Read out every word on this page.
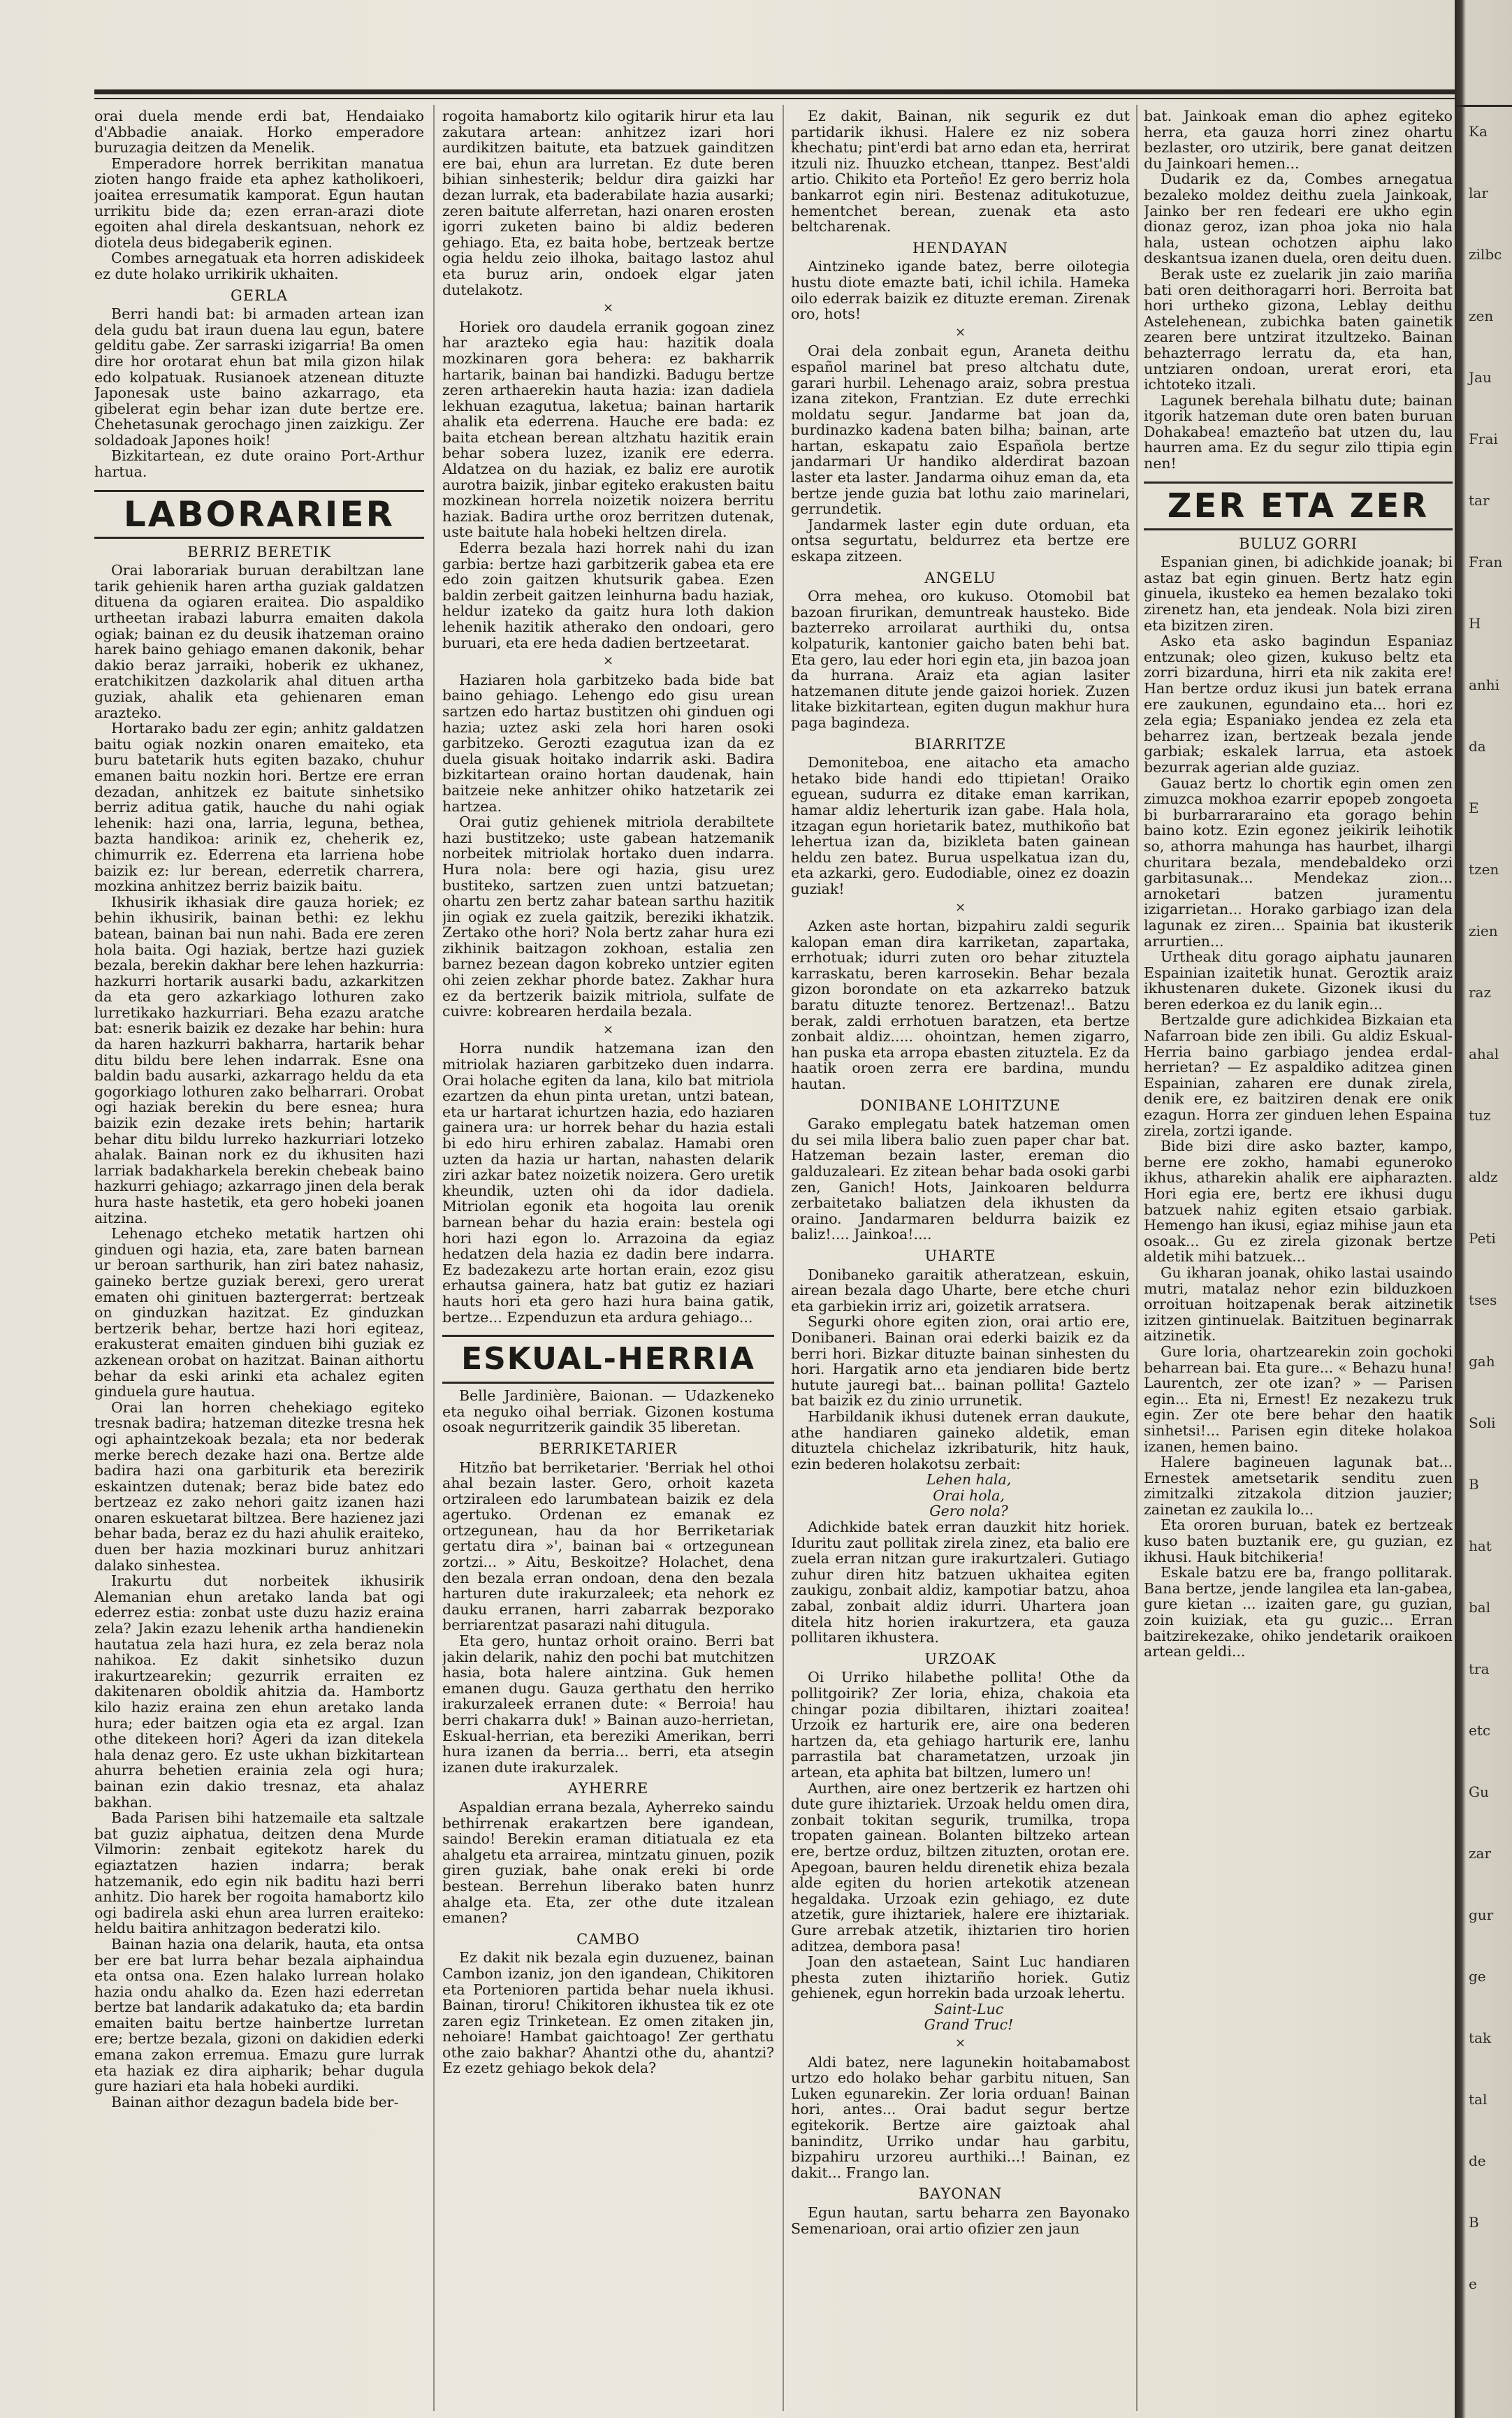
orai duela mende erdi bat, Hendaiako d'Abbadie anaiak. Horko emperadore buruzagia deitzen da Menelik.

Emperadore horrek berrikitan manatua zioten hango fraide eta aphez katholikoeri, joaitea erresumatik kamporat. Egun hautan urrikitu bide da; ezen erran-arazi diote egoiten ahal direla deskantsuan, nehork ez diotela deus bidegaberik eginen.

Combes arnegatuak eta horren adiskideek ez dute holako urrikirik ukhaiten.

GERLA

Berri handi bat: bi armaden artean izan dela gudu bat iraun duena lau egun, batere gelditu gabe. Zer sarraski izigarria! Ba omen dire hor orotarat ehun bat mila gizon hilak edo kolpatuak. Rusianoek atzenean dituzte Japonesak uste baino azkarrago, eta gibelerat egin behar izan dute bertze ere. Chehetasunak gerochago jinen zaizkigu. Zer soldadoak Japones hoik!

Bizkitartean, ez dute oraino Port-Arthur hartua.

LABORARIER
BERRIZ BERETIK

Orai laborariak buruan derabiltzan lane tarik gehienik haren artha guziak galdatzen dituena da ogiaren eraitea. Dio aspaldiko urtheetan irabazi laburra emaiten dakola ogiak; bainan ez du deusik ihatzeman oraino harek baino gehiago emanen dakonik, behar dakio beraz jarraiki, hoberik ez ukhanez, eratchikitzen dazkolarik ahal dituen artha guziak, ahalik eta gehienaren eman arazteko.

Hortarako badu zer egin; anhitz galdatzen baitu ogiak nozkin onaren emaiteko, eta buru batetarik huts egiten bazako, chuhur emanen baitu nozkin hori. Bertze ere erran dezadan, anhitzek ez baitute sinhetsiko berriz aditua gatik, hauche du nahi ogiak lehenik: hazi ona, larria, leguna, bethea, bazta handikoa: arinik ez, cheherik ez, chimurrik ez. Ederrena eta larriena hobe baizik ez: lur berean, ederretik charrera, mozkina anhitzez berriz baizik baitu.

Ikhusirik ikhasiak dire gauza horiek; ez behin ikhusirik, bainan bethi: ez lekhu batean, bainan bai nun nahi. Bada ere zeren hola baita. Ogi haziak, bertze hazi guziek bezala, berekin dakhar bere lehen hazkurria: hazkurri hortarik ausarki badu, azkarkitzen da eta gero azkarkiago lothuren zako lurretikako hazkurriari. Beha ezazu aratche bat: esnerik baizik ez dezake har behin: hura da haren hazkurri bakharra, hartarik behar ditu bildu bere lehen indarrak. Esne ona baldin badu ausarki, azkarrago heldu da eta gogorkiago lothuren zako belharrari. Orobat ogi haziak berekin du bere esnea; hura baizik ezin dezake irets behin; hartarik behar ditu bildu lurreko hazkurriari lotzeko ahalak. Bainan nork ez du ikhusiten hazi larriak badakharkela berekin chebeak baino hazkurri gehiago; azkarrago jinen dela berak hura haste hastetik, eta gero hobeki joanen aitzina.

Lehenago etcheko metatik hartzen ohi ginduen ogi hazia, eta, zare baten barnean ur beroan sarthurik, han ziri batez nahasiz, gaineko bertze guziak berexi, gero urerat ematen ohi ginituen baztergerrat: bertzeak on ginduzkan hazitzat. Ez ginduzkan bertzerik behar, bertze hazi hori egiteaz, erakusterat emaiten ginduen bihi guziak ez azkenean orobat on hazitzat. Bainan aithortu behar da eski arinki eta achalez egiten ginduela gure hautua.

Orai lan horren chehekiago egiteko tresnak badira; hatzeman ditezke tresna hek ogi aphaintzekoak bezala; eta nor bederak merke berech dezake hazi ona. Bertze alde badira hazi ona garbiturik eta berezirik eskaintzen dutenak; beraz bide batez edo bertzeaz ez zako nehori gaitz izanen hazi onaren eskuetarat biltzea. Bere hazienez jazi behar bada, beraz ez du hazi ahulik eraiteko, duen ber hazia mozkinari buruz anhitzari dalako sinhestea.

Irakurtu dut norbeitek ikhusirik Alemanian ehun aretako landa bat ogi ederrez estia: zonbat uste duzu haziz eraina zela? Jakin ezazu lehenik artha handienekin hautatua zela hazi hura, ez zela beraz nola nahikoa. Ez dakit sinhetsiko duzun irakurtzearekin; gezurrik erraiten ez dakitenaren oboldik ahitzia da. Hambortz kilo haziz eraina zen ehun aretako landa hura; eder baitzen ogia eta ez argal. Izan othe ditekeen hori? Ageri da izan ditekela hala denaz gero. Ez uste ukhan bizkitartean ahurra behetien erainia zela ogi hura; bainan ezin dakio tresnaz, eta ahalaz bakhan.

Bada Parisen bihi hatzemaile eta saltzale bat guziz aiphatua, deitzen dena Murde Vilmorin: zenbait egitekotz harek du egiaztatzen hazien indarra; berak hatzemanik, edo egin nik baditu hazi berri anhitz. Dio harek ber rogoita hamabortz kilo ogi badirela aski ehun area lurren eraiteko: heldu baitira anhitzagon bederatzi kilo.

Bainan hazia ona delarik, hauta, eta ontsa ber ere bat lurra behar bezala aiphaindua eta ontsa ona. Ezen halako lurrean holako hazia ondu ahalko da. Ezen hazi ederretan bertze bat landarik adakatuko da; eta bardin emaiten baitu bertze hainbertze lurretan ere; bertze bezala, gizoni on dakidien ederki emana zakon erremua. Emazu gure lurrak eta haziak ez dira aipharik; behar dugula gure haziari eta hala hobeki aurdiki.

Bainan aithor dezagun badela bide ber-

rogoita hamabortz kilo ogitarik hirur eta lau zakutara artean: anhitzez izari hori aurdikitzen baitute, eta batzuek gainditzen ere bai, ehun ara lurretan. Ez dute beren bihian sinhesterik; beldur dira gaizki har dezan lurrak, eta baderabilate hazia ausarki; zeren baitute alferretan, hazi onaren erosten igorri zuketen baino bi aldiz bederen gehiago. Eta, ez baita hobe, bertzeak bertze ogia heldu zeio ilhoka, baitago lastoz ahul eta buruz arin, ondoek elgar jaten dutelakotz.

×

Horiek oro daudela erranik gogoan zinez har arazteko egia hau: hazitik doala mozkinaren gora behera: ez bakharrik hartarik, bainan bai handizki. Badugu bertze zeren arthaerekin hauta hazia: izan dadiela lekhuan ezagutua, laketua; bainan hartarik ahalik eta ederrena. Hauche ere bada: ez baita etchean berean altzhatu hazitik erain behar sobera luzez, izanik ere ederra. Aldatzea on du haziak, ez baliz ere aurotik aurotra baizik, jinbar egiteko erakusten baitu mozkinean horrela noizetik noizera berritu haziak. Badira urthe oroz berritzen dutenak, uste baitute hala hobeki heltzen direla.

Ederra bezala hazi horrek nahi du izan garbia: bertze hazi garbitzerik gabea eta ere edo zoin gaitzen khutsurik gabea. Ezen baldin zerbeit gaitzen leinhurna badu haziak, heldur izateko da gaitz hura loth dakion lehenik hazitik atherako den ondoari, gero buruari, eta ere heda dadien bertzeetarat.

×

Haziaren hola garbitzeko bada bide bat baino gehiago. Lehengo edo gisu urean sartzen edo hartaz bustitzen ohi ginduen ogi hazia; uztez aski zela hori haren osoki garbitzeko. Gerozti ezagutua izan da ez duela gisuak hoitako indarrik aski. Badira bizkitartean oraino hortan daudenak, hain baitzeie neke anhitzer ohiko hatzetarik zei hartzea.

Orai gutiz gehienek mitriola derabiltete hazi bustitzeko; uste gabean hatzemanik norbeitek mitriolak hortako duen indarra. Hura nola: bere ogi hazia, gisu urez bustiteko, sartzen zuen untzi batzuetan; ohartu zen bertz zahar batean sarthu hazitik jin ogiak ez zuela gaitzik, bereziki ikhatzik. Zertako othe hori? Nola bertz zahar hura ezi zikhinik baitzagon zokhoan, estalia zen barnez bezean dagon kobreko untzier egiten ohi zeien zekhar phorde batez. Zakhar hura ez da bertzerik baizik mitriola, sulfate de cuivre: kobrearen herdaila bezala.

×

Horra nundik hatzemana izan den mitriolak haziaren garbitzeko duen indarra. Orai holache egiten da lana, kilo bat mitriola ezartzen da ehun pinta uretan, untzi batean, eta ur hartarat ichurtzen hazia, edo haziaren gainera ura: ur horrek behar du hazia estali bi edo hiru erhiren zabalaz. Hamabi oren uzten da hazia ur hartan, nahasten delarik ziri azkar batez noizetik noizera. Gero uretik kheundik, uzten ohi da idor dadiela. Mitriolan egonik eta hogoita lau orenik barnean behar du hazia erain: bestela ogi hori hazi egon lo. Arrazoina da egiaz hedatzen dela hazia ez dadin bere indarra. Ez badezakezu arte hortan erain, ezoz gisu erhautsa gainera, hatz bat gutiz ez haziari hauts hori eta gero hazi hura baina gatik, bertze... Ezpenduzun eta ardura gehiago...

ESKUAL-HERRIA

Belle Jardinière, Baionan. — Udazkeneko eta neguko oihal berriak. Gizonen kostuma osoak negurritzerik gaindik 35 liberetan.

BERRIKETARIER

Hitzño bat berriketarier. 'Berriak hel othoi ahal bezain laster. Gero, orhoit kazeta ortziraleen edo larumbatean baizik ez dela agertuko. Ordenan ez emanak ez ortzegunean, hau da hor Berriketariak gertatu dira »', bainan bai « ortzegunean zortzi... » Aitu, Beskoitze? Holachet, dena den bezala erran ondoan, dena den bezala harturen dute irakurzaleek; eta nehork ez dauku erranen, harri zabarrak bezporako berriarentzat pasarazi nahi ditugula.

Eta gero, huntaz orhoit oraino. Berri bat jakin delarik, nahiz den pochi bat mutchitzen hasia, bota halere aintzina. Guk hemen emanen dugu. Gauza gerthatu den herriko irakurzaleek erranen dute: « Berroia! hau berri chakarra duk! » Bainan auzo-herrietan, Eskual-herrian, eta bereziki Amerikan, berri hura izanen da berria... berri, eta atsegin izanen dute irakurzalek.

AYHERRE

Aspaldian errana bezala, Ayherreko saindu bethirrenak erakartzen bere igandean, saindo! Berekin eraman ditiatuala ez eta ahalgetu eta arrairea, mintzatu ginuen, pozik giren guziak, bahe onak ereki bi orde bestean. Berrehun liberako baten hunrz ahalge eta. Eta, zer othe dute itzalean emanen?

CAMBO

Ez dakit nik bezala egin duzuenez, bainan Cambon izaniz, jon den igandean, Chikitoren eta Portenioren partida behar nuela ikhusi. Bainan, tiroru! Chikitoren ikhustea tik ez ote zaren egiz Trinketean. Ez omen zitaken jin, nehoiare! Hambat gaichtoago! Zer gerthatu othe zaio bakhar? Ahantzi othe du, ahantzi? Ez ezetz gehiago bekok dela?

Ez dakit, Bainan, nik segurik ez dut partidarik ikhusi. Halere ez niz sobera khechatu; pint'erdi bat arno edan eta, herrirat itzuli niz. Ihuuzko etchean, ttanpez. Best'aldi artio. Chikito eta Porteño! Ez gero berriz hola bankarrot egin niri. Bestenaz aditukotuzue, hementchet berean, zuenak eta asto beltcharenak.

HENDAYAN

Aintzineko igande batez, berre oilotegia hustu diote emazte bati, ichil ichila. Hameka oilo ederrak baizik ez dituzte ereman. Zirenak oro, hots!

×

Orai dela zonbait egun, Araneta deithu español marinel bat preso altchatu dute, garari hurbil. Lehenago araiz, sobra prestua izana zitekon, Frantzian. Ez dute errechki moldatu segur. Jandarme bat joan da, burdinazko kadena baten bilha; bainan, arte hartan, eskapatu zaio Española bertze jandarmari Ur handiko alderdirat bazoan laster eta laster. Jandarma oihuz eman da, eta bertze jende guzia bat lothu zaio marinelari, gerrundetik.

Jandarmek laster egin dute orduan, eta ontsa segurtatu, beldurrez eta bertze ere eskapa zitzeen.

ANGELU

Orra mehea, oro kukuso. Otomobil bat bazoan firurikan, demuntreak hausteko. Bide bazterreko arroilarat aurthiki du, ontsa kolpaturik, kantonier gaicho baten behi bat. Eta gero, lau eder hori egin eta, jin bazoa joan da hurrana. Araiz eta agian lasiter hatzemanen ditute jende gaizoi horiek. Zuzen litake bizkitartean, egiten dugun makhur hura paga bagindeza.

BIARRITZE

Demoniteboa, ene aitacho eta amacho hetako bide handi edo ttipietan! Oraiko eguean, sudurra ez ditake eman karrikan, hamar aldiz leherturik izan gabe. Hala hola, itzagan egun horietarik batez, muthikoño bat lehertua izan da, bizikleta baten gainean heldu zen batez. Burua uspelkatua izan du, eta azkarki, gero. Eudodiable, oinez ez doazin guziak!

×

Azken aste hortan, bizpahiru zaldi segurik kalopan eman dira karriketan, zapartaka, errhotuak; idurri zuten oro behar zituztela karraskatu, beren karrosekin. Behar bezala gizon borondate on eta azkarreko batzuk baratu dituzte tenorez. Bertzenaz!.. Batzu berak, zaldi errhotuen baratzen, eta bertze zonbait aldiz..... ohointzan, hemen zigarro, han puska eta arropa ebasten zituztela. Ez da haatik oroen zerra ere bardina, mundu hautan.

DONIBANE LOHITZUNE

Garako emplegatu batek hatzeman omen du sei mila libera balio zuen paper char bat. Hatzeman bezain laster, ereman dio galduzaleari. Ez zitean behar bada osoki garbi zen, Ganich! Hots, Jainkoaren beldurra zerbaitetako baliatzen dela ikhusten da oraino. Jandarmaren beldurra baizik ez baliz!.... Jainkoa!....

UHARTE

Donibaneko garaitik atheratzean, eskuin, airean bezala dago Uharte, bere etche churi eta garbiekin irriz ari, goizetik arratsera.

Segurki ohore egiten zion, orai artio ere, Donibaneri. Bainan orai ederki baizik ez da berri hori. Bizkar dituzte bainan sinhesten du hori. Hargatik arno eta jendiaren bide bertz hutute jauregi bat... bainan pollita! Gaztelo bat baizik ez du zinio urrunetik.

Harbildanik ikhusi dutenek erran daukute, athe handiaren gaineko aldetik, eman dituztela chichelaz izkribaturik, hitz hauk, ezin bederen holakotsu zerbait:

Lehen hala,

Orai hola,

Gero nola?

Adichkide batek erran dauzkit hitz horiek. Iduritu zaut pollitak zirela zinez, eta balio ere zuela erran nitzan gure irakurtzaleri. Gutiago zuhur diren hitz batzuen ukhaitea egiten zaukigu, zonbait aldiz, kampotiar batzu, ahoa zabal, zonbait aldiz idurri. Uhartera joan ditela hitz horien irakurtzera, eta gauza pollitaren ikhustera.

URZOAK

Oi Urriko hilabethe pollita! Othe da pollitgoirik? Zer loria, ehiza, chakoia eta chingar pozia dibiltaren, ihiztari zoaitea! Urzoik ez harturik ere, aire ona bederen hartzen da, eta gehiago harturik ere, lanhu parrastila bat charametatzen, urzoak jin artean, eta aphita bat biltzen, lumero un!

Aurthen, aire onez bertzerik ez hartzen ohi dute gure ihiztariek. Urzoak heldu omen dira, zonbait tokitan segurik, trumilka, tropa tropaten gainean. Bolanten biltzeko artean ere, bertze orduz, biltzen zituzten, orotan ere. Apegoan, bauren heldu direnetik ehiza bezala alde egiten du horien artekotik atzenean hegaldaka. Urzoak ezin gehiago, ez dute atzetik, gure ihiztariek, halere ere ihiztariak. Gure arrebak atzetik, ihiztarien tiro horien aditzea, dembora pasa!

Joan den astaetean, Saint Luc handiaren phesta zuten ihiztariño horiek. Gutiz gehienek, egun horrekin bada urzoak lehertu.

Saint-Luc

Grand Truc!

×

Aldi batez, nere lagunekin hoitabamabost urtzo edo holako behar garbitu nituen, San Luken egunarekin. Zer loria orduan! Bainan hori, antes... Orai badut segur bertze egitekorik. Bertze aire gaiztoak ahal baninditz, Urriko undar hau garbitu, bizpahiru urzoreu aurthiki...! Bainan, ez dakit... Frango lan.

BAYONAN

Egun hautan, sartu beharra zen Bayonako Semenarioan, orai artio ofizier zen jaun

bat. Jainkoak eman dio aphez egiteko herra, eta gauza horri zinez ohartu bezlaster, oro utzirik, bere ganat deitzen du Jainkoari hemen...

Dudarik ez da, Combes arnegatua bezaleko moldez deithu zuela Jainkoak, Jainko ber ren fedeari ere ukho egin dionaz geroz, izan phoa joka nio hala hala, ustean ochotzen aiphu lako deskantsua izanen duela, oren deitu duen.

Berak uste ez zuelarik jin zaio mariña bati oren deithoragarri hori. Berroita bat hori urtheko gizona, Leblay deithu Astelehenean, zubichka baten gainetik zearen bere untzirat itzultzeko. Bainan behazterrago lerratu da, eta han, untziaren ondoan, urerat erori, eta ichtoteko itzali.

Lagunek berehala bilhatu dute; bainan itgorik hatzeman dute oren baten buruan Dohakabea! emazteño bat utzen du, lau haurren ama. Ez du segur zilo ttipia egin nen!

ZER ETA ZER
BULUZ GORRI

Espanian ginen, bi adichkide joanak; bi astaz bat egin ginuen. Bertz hatz egin ginuela, ikusteko ea hemen bezalako toki zirenetz han, eta jendeak. Nola bizi ziren eta bizitzen ziren.

Asko eta asko bagindun Espaniaz entzunak; oleo gizen, kukuso beltz eta zorri bizarduna, hirri eta nik zakita ere! Han bertze orduz ikusi jun batek errana ere zaukunen, egundaino eta... hori ez zela egia; Espaniako jendea ez zela eta beharrez izan, bertzeak bezala jende garbiak; eskalek larrua, eta astoek bezurrak agerian alde guziaz.

Gauaz bertz lo chortik egin omen zen zimuzca mokhoa ezarrir epopeb zongoeta bi burbarrararaino eta gorago behin baino kotz. Ezin egonez jeikirik leihotik so, athorra mahunga has haurbet, ilhargi churitara bezala, mendebaldeko orzi garbitasunak... Mendekaz zion... arnoketari batzen juramentu izigarrietan... Horako garbiago izan dela lagunak ez ziren... Spainia bat ikusterik arrurtien...

Urtheak ditu gorago aiphatu jaunaren Espainian izaitetik hunat. Geroztik araiz ikhustenaren dukete. Gizonek ikusi du beren ederkoa ez du lanik egin...

Bertzalde gure adichkidea Bizkaian eta Nafarroan bide zen ibili. Gu aldiz Eskual-Herria baino garbiago jendea erdal-herrietan? — Ez aspaldiko aditzea ginen Espainian, zaharen ere dunak zirela, denik ere, ez baitziren denak ere onik ezagun. Horra zer ginduen lehen Espaina zirela, zortzi igande.

Bide bizi dire asko bazter, kampo, berne ere zokho, hamabi eguneroko ikhus, atharekin ahalik ere aipharazten. Hori egia ere, bertz ere ikhusi dugu batzuek nahiz egiten etsaio garbiak. Hemengo han ikusi, egiaz mihise jaun eta osoak... Gu ez zirela gizonak bertze aldetik mihi batzuek...

Gu ikharan joanak, ohiko lastai usaindo mutri, matalaz nehor ezin bilduzkoen orroituan hoitzapenak berak aitzinetik izitzen gintinuelak. Baitzituen beginarrak aitzinetik.

Gure loria, ohartzearekin zoin gochoki beharrean bai. Eta gure... « Behazu huna! Laurentch, zer ote izan? » — Parisen egin... Eta ni, Ernest! Ez nezakezu truk egin. Zer ote bere behar den haatik sinhetsi!... Parisen egin diteke holakoa izanen, hemen baino.

Halere bagineuen lagunak bat... Ernestek ametsetarik senditu zuen zimitzalki zitzakola ditzion jauzier; zainetan ez zaukila lo...

Eta ororen buruan, batek ez bertzeak kuso baten buztanik ere, gu guzian, ez ikhusi. Hauk bitchikeria!

Eskale batzu ere ba, frango pollitarak. Bana bertze, jende langilea eta lan-gabea, gure kietan ... izaiten gare, gu guzian, zoin kuiziak, eta gu guzic... Erran baitzirekezake, ohiko jendetarik oraikoen artean geldi...

Ka
lar
zilbc
zen
Jau
Frai
tar
Fran
H
anhi
da
E
tzen
zien
raz
ahal
tuz
aldz
Peti
tses
gah
Soli
B
hat
bal
tra
etc
Gu
zar
gur
ge
tak
tal
de
B
e
